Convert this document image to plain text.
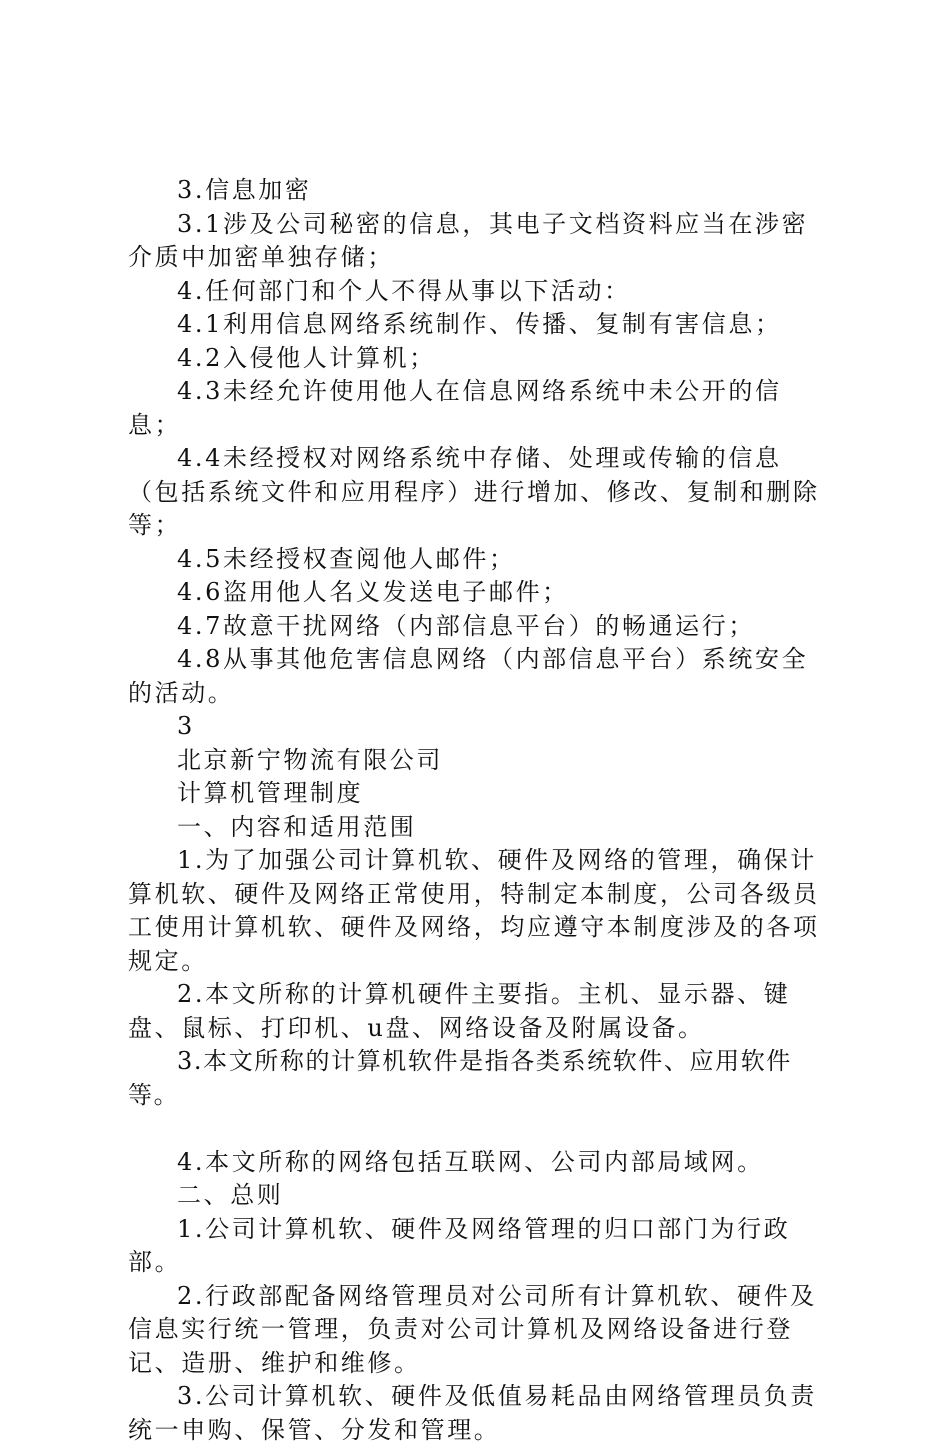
3.信息加密

3.1涉及公司秘密的信息，其电子文档资料应当在涉密介质中加密单独存储；

4.任何部门和个人不得从事以下活动：

4.1利用信息网络系统制作、传播、复制有害信息；

4.2入侵他人计算机；

4.3未经允许使用他人在信息网络系统中未公开的信息；

4.4未经授权对网络系统中存储、处理或传输的信息（包括系统文件和应用程序）进行增加、修改、复制和删除等；

4.5未经授权查阅他人邮件；

4.6盗用他人名义发送电子邮件；

4.7故意干扰网络（内部信息平台）的畅通运行；

4.8从事其他危害信息网络（内部信息平台）系统安全的活动。

3

北京新宁物流有限公司

计算机管理制度

一、内容和适用范围

1.为了加强公司计算机软、硬件及网络的管理，确保计算机软、硬件及网络正常使用，特制定本制度，公司各级员工使用计算机软、硬件及网络，均应遵守本制度涉及的各项规定。

2.本文所称的计算机硬件主要指。主机、显示器、键盘、鼠标、打印机、u盘、网络设备及附属设备。

3.本文所称的计算机软件是指各类系统软件、应用软件等。

4.本文所称的网络包括互联网、公司内部局域网。

二、总则

1.公司计算机软、硬件及网络管理的归口部门为行政部。

2.行政部配备网络管理员对公司所有计算机软、硬件及信息实行统一管理，负责对公司计算机及网络设备进行登记、造册、维护和维修。

3.公司计算机软、硬件及低值易耗品由网络管理员负责统一申购、保管、分发和管理。
